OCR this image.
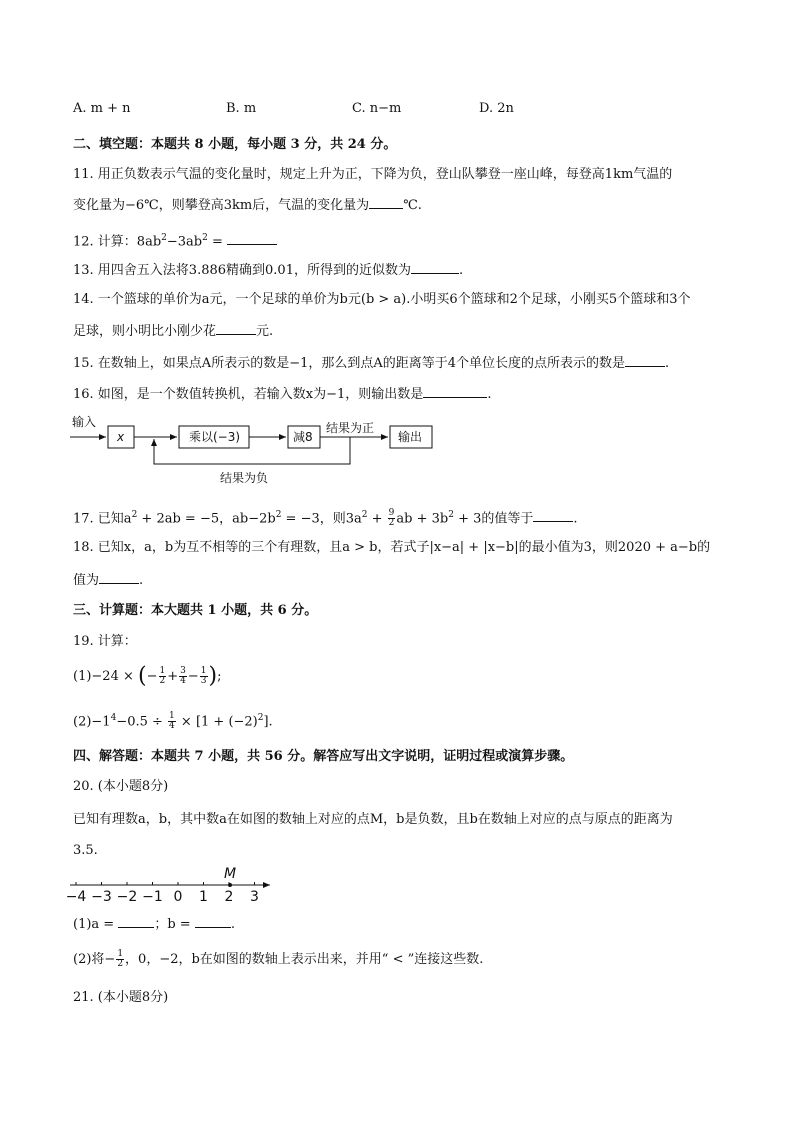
A. m + n	B. m	C. n−m	D. 2n
二、填空题：本题共 8 小题，每小题 3 分，共 24 分。
11. 用正负数表示气温的变化量时，规定上升为正，下降为负，登山队攀登一座山峰，每登高1km气温的
变化量为−6℃，则攀登高3km后，气温的变化量为	℃.
12. 计算：$8ab^2-3ab^2$ =
13. 用四舍五入法将3.886精确到0.01，所得到的近似数为	.
14. 一个篮球的单价为a元，一个足球的单价为b元(b > a).小明买6个篮球和2个足球，小刚买5个篮球和3个
足球，则小明比小刚少花	元.
15. 在数轴上，如果点A所表示的数是−1，那么到点A的距离等于4个单位长度的点所表示的数是	.
16. 如图，是一个数值转换机，若输入数x为−1，则输出数是	.
输入
x	乘以(−3)	减8
结果为正
输出
结果为负
17. 已知$a^2 + 2ab = -5$，$ab-2b^2 = -3$，则$3a^2 + \frac{9}{2}$ ab + $3b^2 + 3$的值等于	.
18. 已知x，a，b为互不相等的三个有理数，且a > b，若式子|x−a| + |x−b|的最小值为3，则2020 + a−b的
值为	.
三、计算题：本大题共 1 小题，共 6 分。
19. 计算：
(1)−24 × (− $\frac{1}{2} + \frac{3}{4} - \frac{1}{3}$ );
$(2)-1^4-0.5 \div \frac{1}{4} \times [1 + (-2)^2]$.
四、解答题：本题共 7 小题，共 56 分。解答应写出文字说明，证明过程或演算步骤。
20. (本小题8分)
已知有理数a，b，其中数a在如图的数轴上对应的点M，b是负数，且b在数轴上对应的点与原点的距离为
3.5.
−4 −3 −2 −1 0 1 2 3
M
(1)a =	；b =	.
(2)将− $\frac{1}{2}$ ，0，−2，b在如图的数轴上表示出来，并用“ < ”连接这些数.
21. (本小题8分)
